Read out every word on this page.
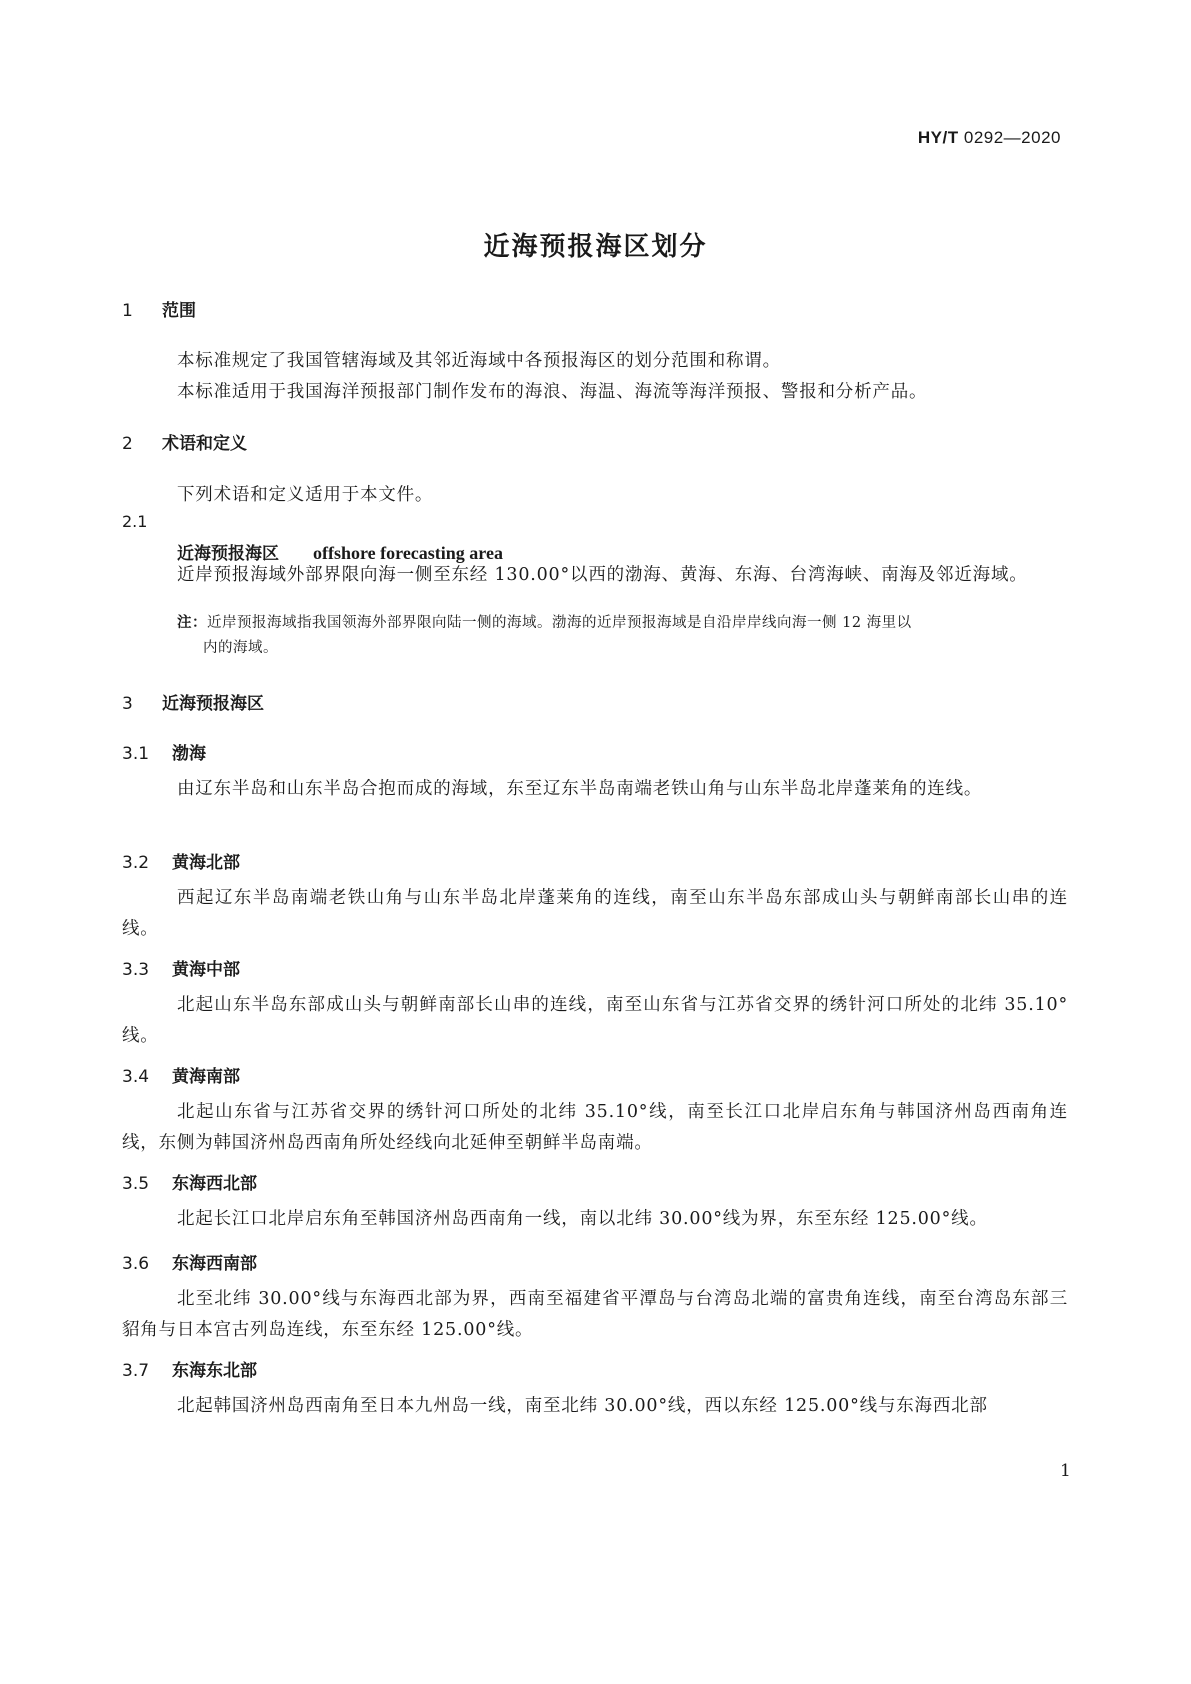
HY/T 0292—2020
近海预报海区划分
1 范围
本标准规定了我国管辖海域及其邻近海域中各预报海区的划分范围和称谓。
本标准适用于我国海洋预报部门制作发布的海浪、海温、海流等海洋预报、警报和分析产品。
2 术语和定义
下列术语和定义适用于本文件。
2.1
近海预报海区 offshore forecasting area
近岸预报海域外部界限向海一侧至东经 130.00°以西的渤海、黄海、东海、台湾海峡、南海及邻近海域。
注：近岸预报海域指我国领海外部界限向陆一侧的海域。渤海的近岸预报海域是自沿岸岸线向海一侧 12 海里以
内的海域。
3 近海预报海区
3.1 渤海
由辽东半岛和山东半岛合抱而成的海域，东至辽东半岛南端老铁山角与山东半岛北岸蓬莱角的连线。
3.2 黄海北部
西起辽东半岛南端老铁山角与山东半岛北岸蓬莱角的连线，南至山东半岛东部成山头与朝鲜南部长山串的连线。
3.3 黄海中部
北起山东半岛东部成山头与朝鲜南部长山串的连线，南至山东省与江苏省交界的绣针河口所处的北纬 35.10°线。
3.4 黄海南部
北起山东省与江苏省交界的绣针河口所处的北纬 35.10°线，南至长江口北岸启东角与韩国济州岛西南角连线，东侧为韩国济州岛西南角所处经线向北延伸至朝鲜半岛南端。
3.5 东海西北部
北起长江口北岸启东角至韩国济州岛西南角一线，南以北纬 30.00°线为界，东至东经 125.00°线。
3.6 东海西南部
北至北纬 30.00°线与东海西北部为界，西南至福建省平潭岛与台湾岛北端的富贵角连线，南至台湾岛东部三貂角与日本宫古列岛连线，东至东经 125.00°线。
3.7 东海东北部
北起韩国济州岛西南角至日本九州岛一线，南至北纬 30.00°线，西以东经 125.00°线与东海西北部
1
